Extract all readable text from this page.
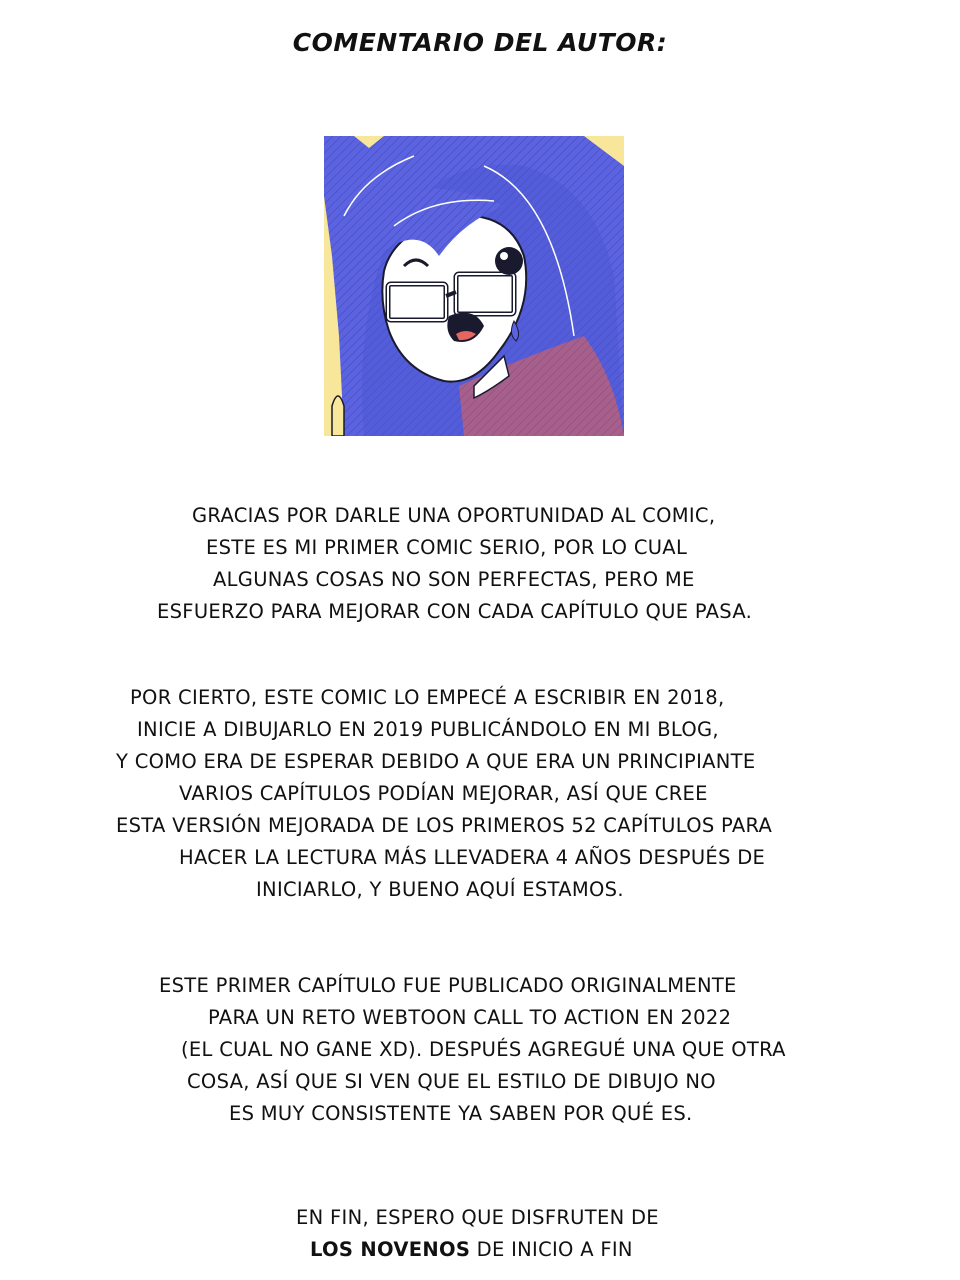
COMENTARIO DEL AUTOR:
GRACIAS POR DARLE UNA OPORTUNIDAD AL COMIC,
ESTE ES MI PRIMER COMIC SERIO, POR LO CUAL
ALGUNAS COSAS NO SON PERFECTAS, PERO ME
ESFUERZO PARA MEJORAR CON CADA CAPÍTULO QUE PASA.
POR CIERTO, ESTE COMIC LO EMPECÉ A ESCRIBIR EN 2018,
INICIE A DIBUJARLO EN 2019 PUBLICÁNDOLO EN MI BLOG,
Y COMO ERA DE ESPERAR DEBIDO A QUE ERA UN PRINCIPIANTE
VARIOS CAPÍTULOS PODÍAN MEJORAR, ASÍ QUE CREE
ESTA VERSIÓN MEJORADA DE LOS PRIMEROS 52 CAPÍTULOS PARA
HACER LA LECTURA MÁS LLEVADERA 4 AÑOS DESPUÉS DE
INICIARLO, Y BUENO AQUÍ ESTAMOS.
ESTE PRIMER CAPÍTULO FUE PUBLICADO ORIGINALMENTE
PARA UN RETO WEBTOON CALL TO ACTION EN 2022
(EL CUAL NO GANE XD). DESPUÉS AGREGUÉ UNA QUE OTRA
COSA, ASÍ QUE SI VEN QUE EL ESTILO DE DIBUJO NO
ES MUY CONSISTENTE YA SABEN POR QUÉ ES.
EN FIN, ESPERO QUE DISFRUTEN DE
LOS NOVENOS DE INICIO A FIN
